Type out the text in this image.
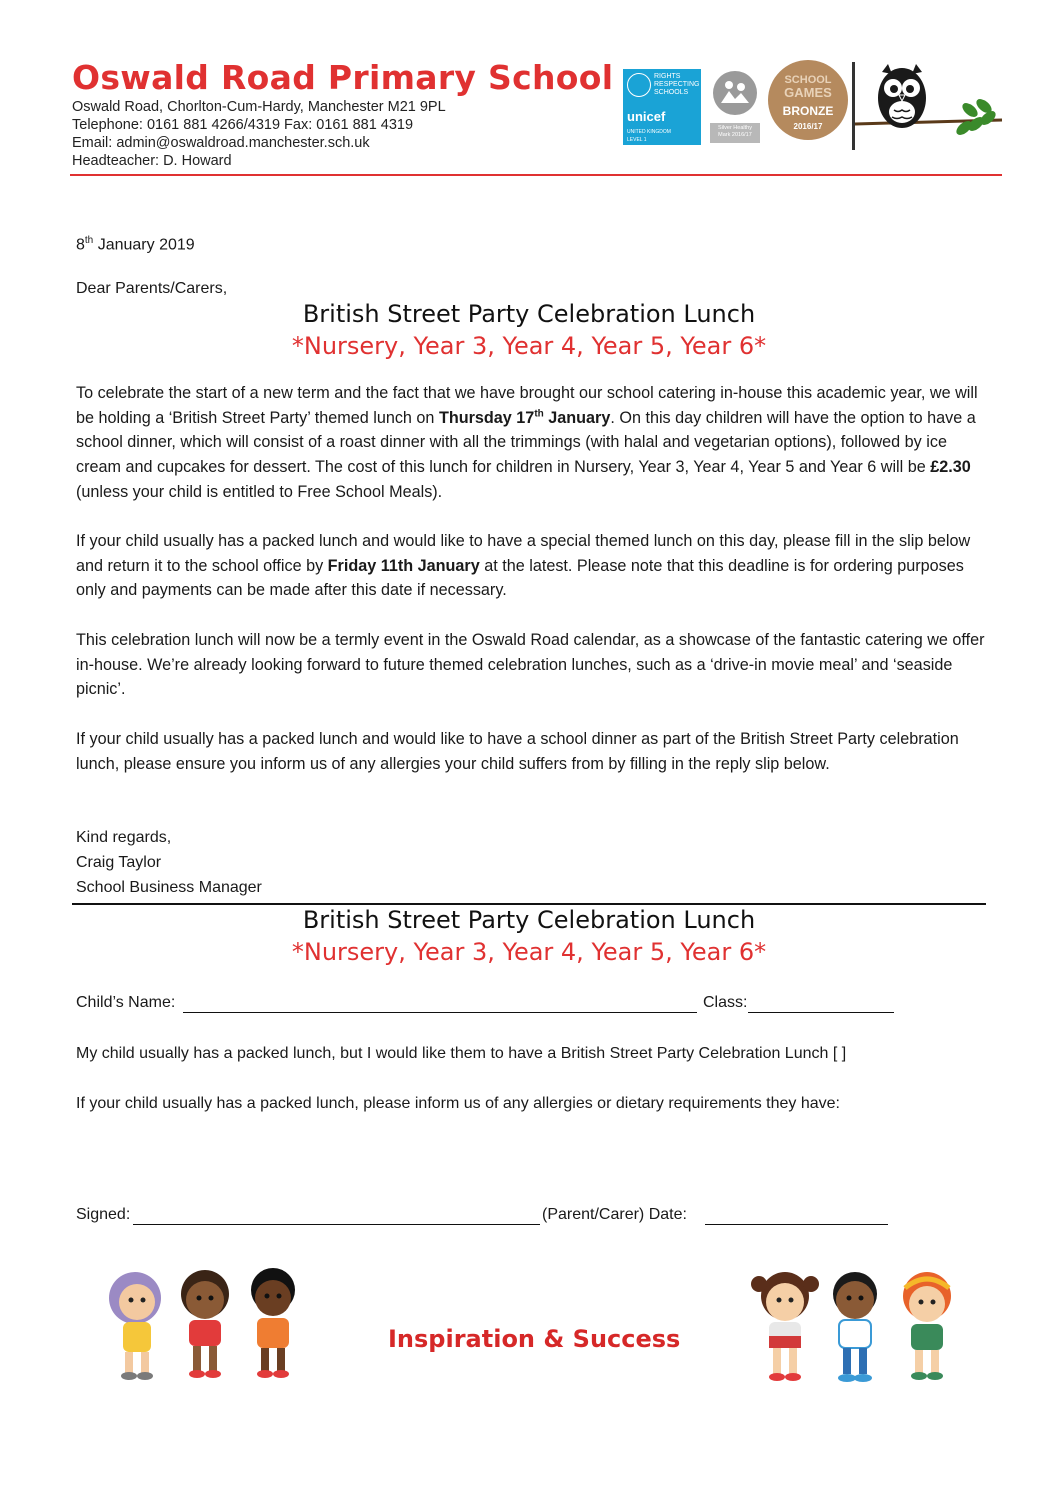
Oswald Road Primary School
Oswald Road, Chorlton-Cum-Hardy, Manchester M21 9PL
Telephone: 0161 881 4266/4319 Fax: 0161 881 4319
Email: admin@oswaldroad.manchester.sch.uk
Headteacher: D. Howard
RIGHTS RESPECTING SCHOOLS
unicef
UNITED KINGDOM
LEVEL 1
Silver Healthy Mark 2016/17
SCHOOL
GAMES
BRONZE
2016/17
8th January 2019
Dear Parents/Carers,
British Street Party Celebration Lunch
*Nursery, Year 3, Year 4, Year 5, Year 6*
To celebrate the start of a new term and the fact that we have brought our school catering in-house this academic year, we will be holding a ‘British Street Party’ themed lunch on Thursday 17th January. On this day children will have the option to have a school dinner, which will consist of a roast dinner with all the trimmings (with halal and vegetarian options), followed by ice cream and cupcakes for dessert. The cost of this lunch for children in Nursery, Year 3, Year 4, Year 5 and Year 6 will be £2.30 (unless your child is entitled to Free School Meals).
If your child usually has a packed lunch and would like to have a special themed lunch on this day, please fill in the slip below and return it to the school office by Friday 11th January at the latest. Please note that this deadline is for ordering purposes only and payments can be made after this date if necessary.
This celebration lunch will now be a termly event in the Oswald Road calendar, as a showcase of the fantastic catering we offer in-house. We’re already looking forward to future themed celebration lunches, such as a ‘drive-in movie meal’ and ‘seaside picnic’.
If your child usually has a packed lunch and would like to have a school dinner as part of the British Street Party celebration lunch, please ensure you inform us of any allergies your child suffers from by filling in the reply slip below.
Kind regards,
Craig Taylor
School Business Manager
British Street Party Celebration Lunch
*Nursery, Year 3, Year 4, Year 5, Year 6*
Child’s Name:	Class:
My child usually has a packed lunch, but I would like them to have a British Street Party Celebration Lunch [ ]
If your child usually has a packed lunch, please inform us of any allergies or dietary requirements they have:
Signed:	(Parent/Carer) Date:
Inspiration & Success
